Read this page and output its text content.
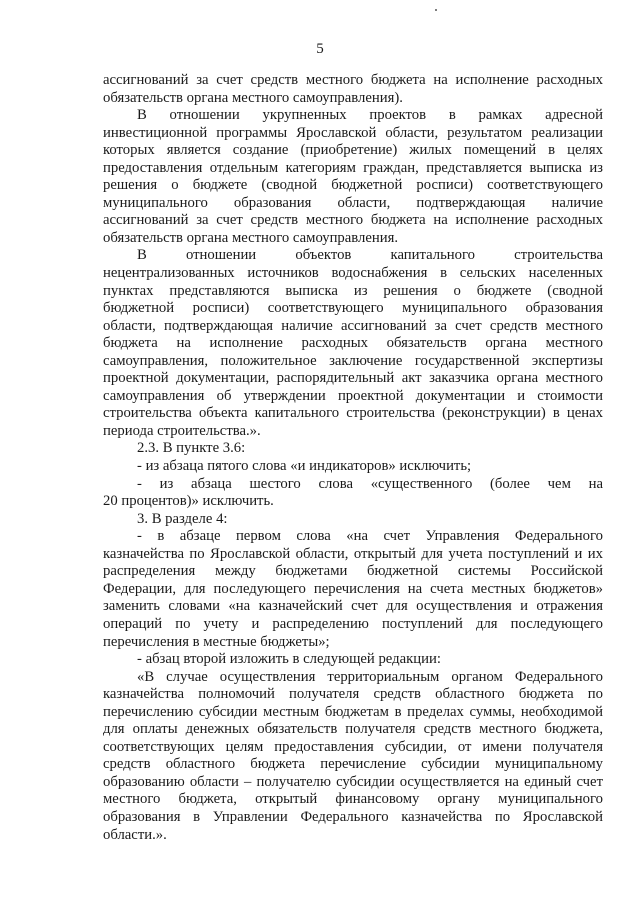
5
ассигнований за счет средств местного бюджета на исполнение расходных
обязательств органа местного самоуправления).
В отношении укрупненных проектов в рамках адресной
инвестиционной программы Ярославской области, результатом реализации
которых является создание (приобретение) жилых помещений в целях
предоставления отдельным категориям граждан, представляется выписка из
решения о бюджете (сводной бюджетной росписи) соответствующего
муниципального образования области, подтверждающая наличие
ассигнований за счет средств местного бюджета на исполнение расходных
обязательств органа местного самоуправления.
В отношении объектов капитального строительства
нецентрализованных источников водоснабжения в сельских населенных
пунктах представляются выписка из решения о бюджете (сводной
бюджетной росписи) соответствующего муниципального образования
области, подтверждающая наличие ассигнований за счет средств местного
бюджета на исполнение расходных обязательств органа местного
самоуправления, положительное заключение государственной экспертизы
проектной документации, распорядительный акт заказчика органа местного
самоуправления об утверждении проектной документации и стоимости
строительства объекта капитального строительства (реконструкции) в ценах
периода строительства.».
2.3. В пункте 3.6:
- из абзаца пятого слова «и индикаторов» исключить;
- из абзаца шестого слова «существенного (более чем на
20 процентов)» исключить.
3. В разделе 4:
- в абзаце первом слова «на счет Управления Федерального
казначейства по Ярославской области, открытый для учета поступлений и их
распределения между бюджетами бюджетной системы Российской
Федерации, для последующего перечисления на счета местных бюджетов»
заменить словами «на казначейский счет для осуществления и отражения
операций по учету и распределению поступлений для последующего
перечисления в местные бюджеты»;
- абзац второй изложить в следующей редакции:
«В случае осуществления территориальным органом Федерального
казначейства полномочий получателя средств областного бюджета по
перечислению субсидии местным бюджетам в пределах суммы, необходимой
для оплаты денежных обязательств получателя средств местного бюджета,
соответствующих целям предоставления субсидии, от имени получателя
средств областного бюджета перечисление субсидии муниципальному
образованию области – получателю субсидии осуществляется на единый счет
местного бюджета, открытый финансовому органу муниципального
образования в Управлении Федерального казначейства по Ярославской
области.».
